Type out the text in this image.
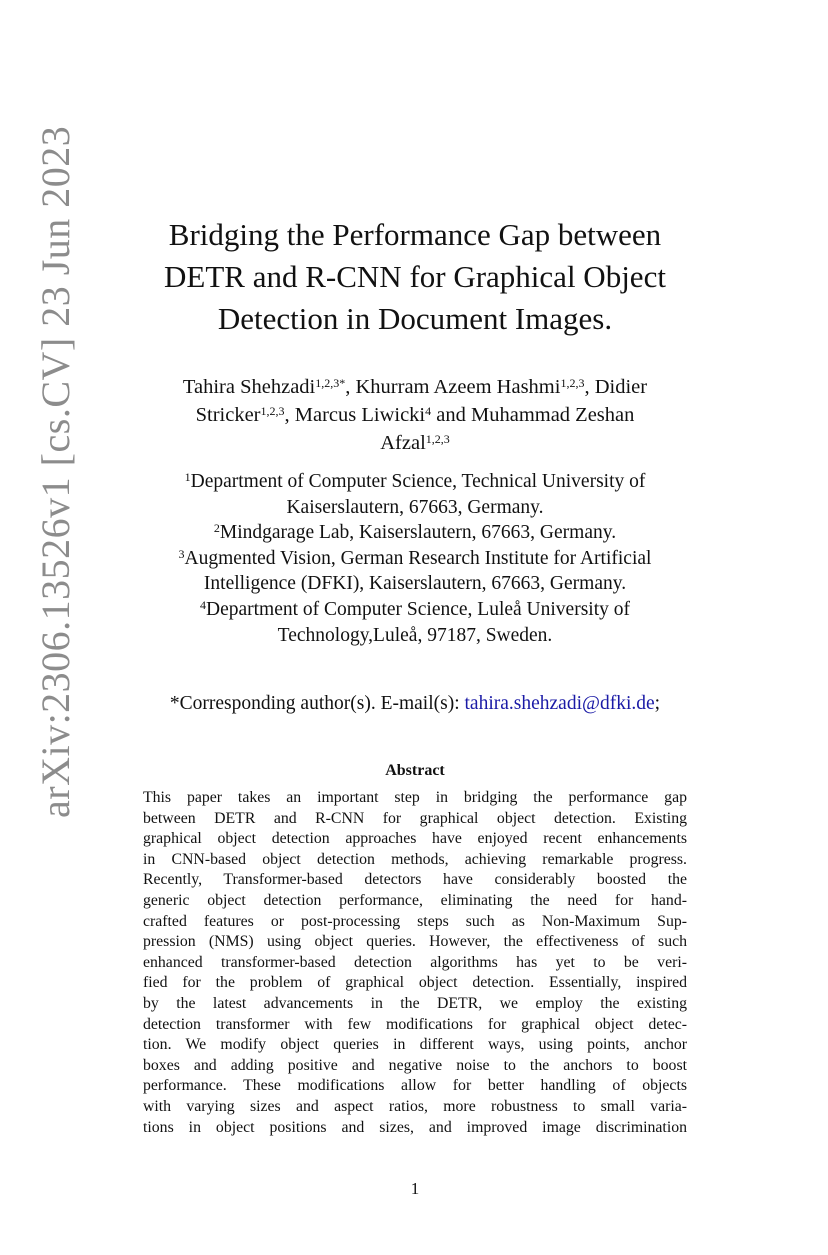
arXiv:2306.13526v1 [cs.CV] 23 Jun 2023	Bridging the Performance Gap between
DETR and R-CNN for Graphical Object
Detection in Document Images.
Tahira Shehzadi$^{1,2,3*}$, Khurram Azeem Hashmi$^{1,2,3}$, Didier
Stricker$^{1,2,3}$, Marcus Liwicki$^4$ and Muhammad Zeshan
Afzal$^{1,2,3}$
$^1$Department of Computer Science, Technical University of
Kaiserslautern, 67663, Germany.
$^2$Mindgarage Lab, Kaiserslautern, 67663, Germany.
$^3$Augmented Vision, German Research Institute for Artificial
Intelligence (DFKI), Kaiserslautern, 67663, Germany.
$^4$Department of Computer Science, Luleå University of
Technology,Luleå, 97187, Sweden.
*Corresponding author(s). E-mail(s): tahira.shehzadi@dfki.de;
Abstract
This paper takes an important step in bridging the performance gap
between DETR and R-CNN for graphical object detection. Existing
graphical object detection approaches have enjoyed recent enhancements
in CNN-based object detection methods, achieving remarkable progress.
Recently, Transformer-based detectors have considerably boosted the
generic object detection performance, eliminating the need for hand-
crafted features or post-processing steps such as Non-Maximum Sup-
pression (NMS) using object queries. However, the effectiveness of such
enhanced transformer-based detection algorithms has yet to be veri-
fied for the problem of graphical object detection. Essentially, inspired
by the latest advancements in the DETR, we employ the existing
detection transformer with few modifications for graphical object detec-
tion. We modify object queries in different ways, using points, anchor
boxes and adding positive and negative noise to the anchors to boost
performance. These modifications allow for better handling of objects
with varying sizes and aspect ratios, more robustness to small varia-
tions in object positions and sizes, and improved image discrimination
1
